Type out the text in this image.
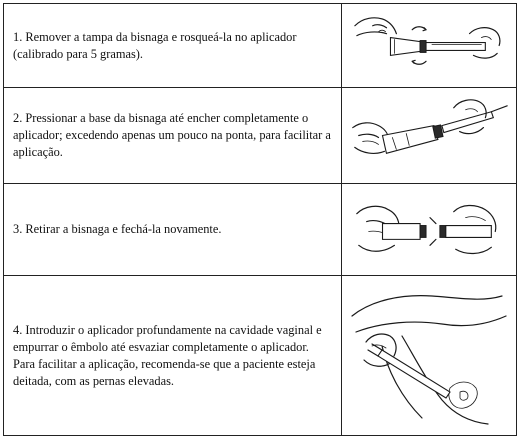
1. Remover a tampa da bisnaga e rosqueá-la no aplicador (calibrado para 5 gramas).

2. Pressionar a base da bisnaga até encher completamente o aplicador; excedendo apenas um pouco na ponta, para facilitar a aplicação.

3. Retirar a bisnaga e fechá-la novamente.

4. Introduzir o aplicador profundamente na cavidade vaginal e empurrar o êmbolo até esvaziar completamente o aplicador. Para facilitar a aplicação, recomenda-se que a paciente esteja deitada, com as pernas elevadas.
